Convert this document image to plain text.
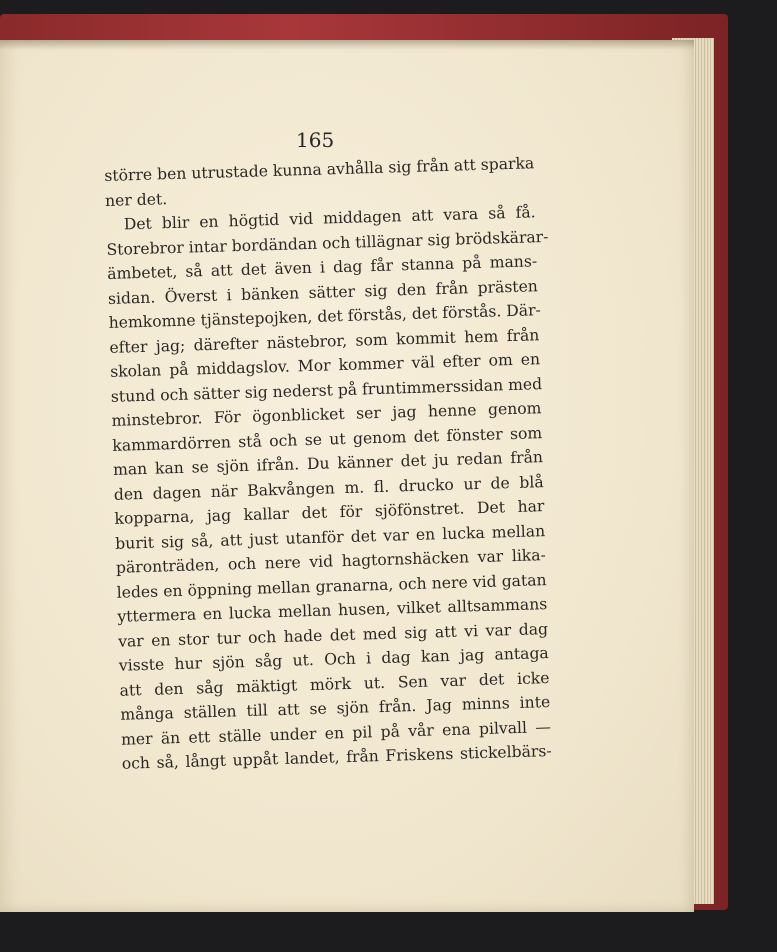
165
större ben utrustade kunna avhålla sig från att sparka
ner det.
Det blir en högtid vid middagen att vara så få.
Storebror intar bordändan och tillägnar sig brödskärar-
ämbetet, så att det även i dag får stanna på mans-
sidan. Överst i bänken sätter sig den från prästen
hemkomne tjänstepojken, det förstås, det förstås. Där-
efter jag; därefter nästebror, som kommit hem från
skolan på middagslov. Mor kommer väl efter om en
stund och sätter sig nederst på fruntimmerssidan med
minstebror. För ögonblicket ser jag henne genom
kammardörren stå och se ut genom det fönster som
man kan se sjön ifrån. Du känner det ju redan från
den dagen när Bakvången m. fl. drucko ur de blå
kopparna, jag kallar det för sjöfönstret. Det har
burit sig så, att just utanför det var en lucka mellan
päronträden, och nere vid hagtornshäcken var lika-
ledes en öppning mellan granarna, och nere vid gatan
yttermera en lucka mellan husen, vilket alltsammans
var en stor tur och hade det med sig att vi var dag
visste hur sjön såg ut. Och i dag kan jag antaga
att den såg mäktigt mörk ut. Sen var det icke
många ställen till att se sjön från. Jag minns inte
mer än ett ställe under en pil på vår ena pilvall —
och så, långt uppåt landet, från Friskens stickelbärs-
